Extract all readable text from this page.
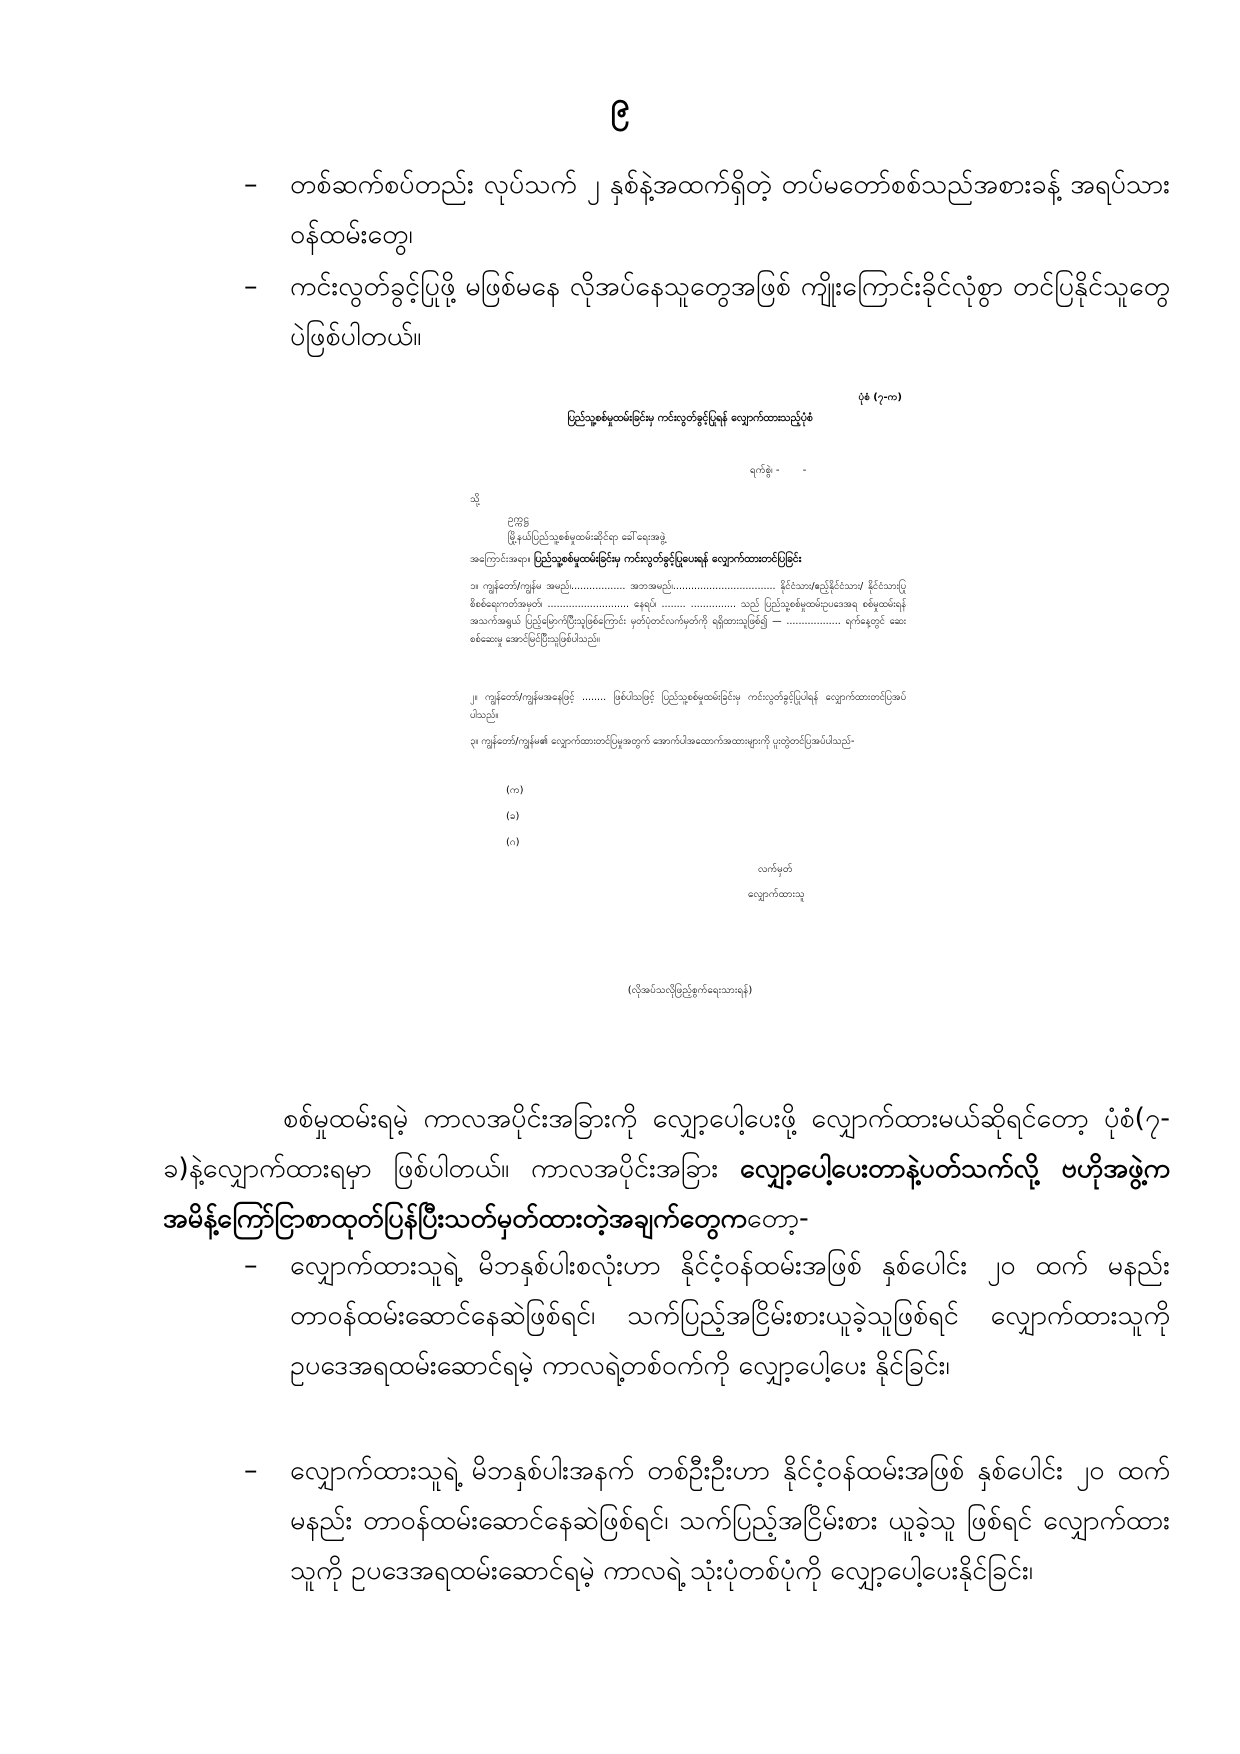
၉
– တစ်ဆက်စပ်တည်း လုပ်သက် ၂ နှစ်နဲ့အထက်ရှိတဲ့ တပ်မတော်စစ်သည်အစားခန့် အရပ်သားဝန်ထမ်းတွေ၊
– ကင်းလွတ်ခွင့်ပြုဖို့ မဖြစ်မနေ လိုအပ်နေသူတွေအဖြစ် ကျိုးကြောင်းခိုင်လုံစွာ တင်ပြနိုင်သူတွေပဲဖြစ်ပါတယ်။
ပုံစံ (၇-က)
ပြည်သူ့စစ်မှုထမ်းခြင်းမှ ကင်းလွတ်ခွင့်ပြုရန် လျှောက်ထားသည့်ပုံစံ
ရက်စွဲ၊ - -
သို့
ဥက္ကဋ္ဌ
မြို့နယ်ပြည်သူ့စစ်မှုထမ်းဆိုင်ရာ ခေါ်ရေးအဖွဲ့
အကြောင်းအရာ။ ပြည်သူ့စစ်မှုထမ်းခြင်းမှ ကင်းလွတ်ခွင့်ပြုပေးရန် လျှောက်ထားတင်ပြခြင်း
၁။ ကျွန်တော်/ကျွန်မ အမည်၊.................. အဘအမည်၊.................................. နိုင်ငံသား/ဧည့်နိုင်ငံသား/ နိုင်ငံသားပြု စိစစ်ရေးကတ်အမှတ်၊ ........................... နေရပ်၊ ........ ............... သည် ပြည်သူ့စစ်မှုထမ်းဥပဒေအရ စစ်မှုထမ်းရန် အသက်အရွယ် ပြည့်မြောက်ပြီးသူဖြစ်ကြောင်း မှတ်ပုံတင်လက်မှတ်ကို ရရှိထားသူဖြစ်၍ — .................. ရက်နေ့တွင် ဆေးစစ်ဆေးမှု အောင်မြင်ပြီးသူဖြစ်ပါသည်။
၂။ ကျွန်တော်/ကျွန်မအနေဖြင့် ........ ဖြစ်ပါသဖြင့် ပြည်သူ့စစ်မှုထမ်းခြင်းမှ ကင်းလွတ်ခွင့်ပြုပါရန် လျှောက်ထားတင်ပြအပ်ပါသည်။
၃။ ကျွန်တော်/ကျွန်မ၏ လျှောက်ထားတင်ပြမှုအတွက် အောက်ပါအထောက်အထားများကို ပူးတွဲတင်ပြအပ်ပါသည်-
(က)
(ခ)
(ဂ)
လက်မှတ်
လျှောက်ထားသူ
(လိုအပ်သလိုဖြည့်စွက်ရေးသားရန်)
စစ်မှုထမ်းရမဲ့ ကာလအပိုင်းအခြားကို လျှော့ပေါ့ပေးဖို့ လျှောက်ထားမယ်ဆိုရင်တော့ ပုံစံ(၇-ခ)နဲ့လျှောက်ထားရမှာ ဖြစ်ပါတယ်။ ကာလအပိုင်းအခြား လျှော့ပေါ့ပေးတာနဲ့ပတ်သက်လို့ ဗဟိုအဖွဲ့ကအမိန့်ကြော်ငြာစာထုတ်ပြန်ပြီးသတ်မှတ်ထားတဲ့အချက်တွေကတော့-
– လျှောက်ထားသူရဲ့ မိဘနှစ်ပါးစလုံးဟာ နိုင်ငံ့ဝန်ထမ်းအဖြစ် နှစ်ပေါင်း ၂၀ ထက် မနည်း တာဝန်ထမ်းဆောင်နေဆဲဖြစ်ရင်၊ သက်ပြည့်အငြိမ်းစားယူခဲ့သူဖြစ်ရင် လျှောက်ထားသူကို ဥပဒေအရထမ်းဆောင်ရမဲ့ ကာလရဲ့တစ်ဝက်ကို လျှော့ပေါ့ပေး နိုင်ခြင်း၊
– လျှောက်ထားသူရဲ့ မိဘနှစ်ပါးအနက် တစ်ဦးဦးဟာ နိုင်ငံ့ဝန်ထမ်းအဖြစ် နှစ်ပေါင်း ၂၀ ထက်မနည်း တာဝန်ထမ်းဆောင်နေဆဲဖြစ်ရင်၊ သက်ပြည့်အငြိမ်းစား ယူခဲ့သူ ဖြစ်ရင် လျှောက်ထားသူကို ဥပဒေအရထမ်းဆောင်ရမဲ့ ကာလရဲ့ သုံးပုံတစ်ပုံကို လျှော့ပေါ့ပေးနိုင်ခြင်း၊
